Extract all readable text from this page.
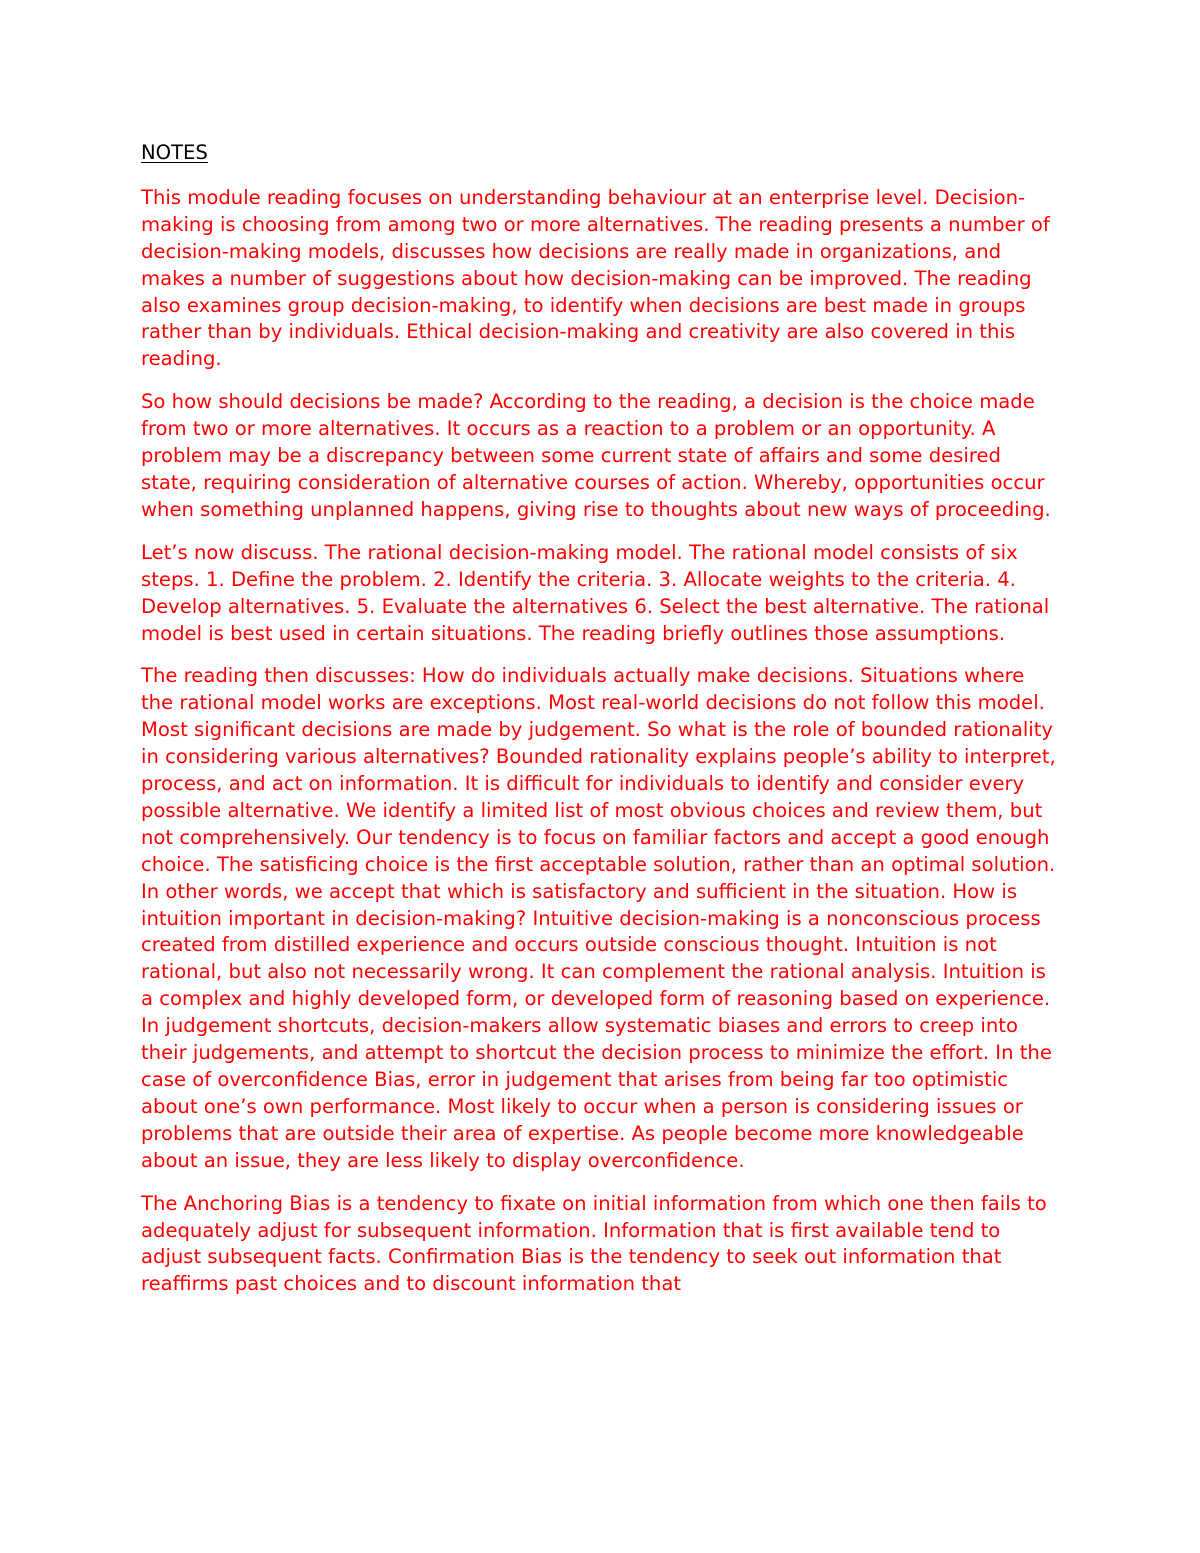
NOTES

This module reading focuses on understanding behaviour at an enterprise level. Decision-making is choosing from among two or more alternatives. The reading presents a number of decision-making models, discusses how decisions are really made in organizations, and makes a number of suggestions about how decision-making can be improved. The reading also examines group decision-making, to identify when decisions are best made in groups rather than by individuals. Ethical decision-making and creativity are also covered in this reading.

So how should decisions be made? According to the reading, a decision is the choice made from two or more alternatives. It occurs as a reaction to a problem or an opportunity. A problem may be a discrepancy between some current state of affairs and some desired state, requiring consideration of alternative courses of action. Whereby, opportunities occur when something unplanned happens, giving rise to thoughts about new ways of proceeding.

Let’s now discuss. The rational decision-making model. The rational model consists of six steps. 1. Define the problem. 2. Identify the criteria. 3. Allocate weights to the criteria. 4. Develop alternatives. 5. Evaluate the alternatives 6. Select the best alternative. The rational model is best used in certain situations. The reading briefly outlines those assumptions.

The reading then discusses: How do individuals actually make decisions. Situations where the rational model works are exceptions. Most real-world decisions do not follow this model. Most significant decisions are made by judgement. So what is the role of bounded rationality in considering various alternatives? Bounded rationality explains people’s ability to interpret, process, and act on information. It is difficult for individuals to identify and consider every possible alternative. We identify a limited list of most obvious choices and review them, but not comprehensively. Our tendency is to focus on familiar factors and accept a good enough choice. The satisficing choice is the first acceptable solution, rather than an optimal solution. In other words, we accept that which is satisfactory and sufficient in the situation. How is intuition important in decision-making? Intuitive decision-making is a nonconscious process created from distilled experience and occurs outside conscious thought. Intuition is not rational, but also not necessarily wrong. It can complement the rational analysis. Intuition is a complex and highly developed form, or developed form of reasoning based on experience. In judgement shortcuts, decision-makers allow systematic biases and errors to creep into their judgements, and attempt to shortcut the decision process to minimize the effort. In the case of overconfidence Bias, error in judgement that arises from being far too optimistic about one’s own performance. Most likely to occur when a person is considering issues or problems that are outside their area of expertise. As people become more knowledgeable about an issue, they are less likely to display overconfidence.

The Anchoring Bias is a tendency to fixate on initial information from which one then fails to adequately adjust for subsequent information. Information that is first available tend to adjust subsequent facts. Confirmation Bias is the tendency to seek out information that reaffirms past choices and to discount information that
